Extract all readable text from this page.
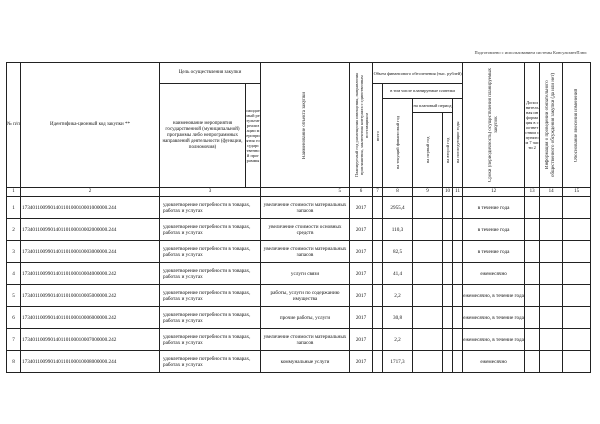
Подготовлено с использованием системы КонсультантПлюс
№ п/п	Идентифика-ционный код закупки **	Цель осуществления закупки		Наименование объекта закупки	Планируемый год размещения извещения, направления приглашения, заключения контракта с единственным поставщиком	Объем финансового обеспечения (тыс. рублей)					Сроки (периодичность) осуществления планируемых закупок	Дополнительная информация в соответствии с пунктом 7 части 2	Информация о проведении обязательного общественного обсуждения закупки (да или нет)	Обоснование внесения изменений

		наименование мероприятия государственной (муниципальной) программы либо непрограммных направлений деятельности (функции, полномочия)	ожидаемый результат реализации мероприятия государственной программы			всего	в том числе планируемые платежи							

							на текущий финансовый год	на плановый период		на последующие годы				

								на первый год	на второй год					

1	2	3		5	6	7	8	9	10	11	12	13	14	15
1	173401100990140110100010001000000.244	удовлетворение потребности в товарах, работах и услугах		увеличение стоимости материальных запасов	2017		2955,4				в течение года			
2	173401100990140110100010002000000.244	удовлетворение потребности в товарах, работах и услугах		увеличение стоимости основных средств	2017		110,3				в течение года			
3	173401100990140110100010003000000.244	удовлетворение потребности в товарах, работах и услугах		увеличение стоимости материальных запасов	2017		82,5				в течение года			
4	173401100990140110100010004000000.242	удовлетворение потребности в товарах, работах и услугах		услуги связи	2017		41,4				ежемесячно			
5	173401100990140110100010005000000.242	удовлетворение потребности в товарах, работах и услугах		работы, услуги по содержанию имущества	2017		2,2				ежемесячно, в течение года			
6	173401100990140110100010006000000.242	удовлетворение потребности в товарах, работах и услугах		прочие работы, услуги	2017		30,8				ежемесячно, в течение года			
7	173401100990140110100010007000000.242	удовлетворение потребности в товарах, работах и услугах		увеличение стоимости материальных запасов	2017		2,2				ежемесячно, в течение года			
8	173401100990140110100010008000000.244	удовлетворение потребности в товарах, работах и услугах		коммунальные услуги	2017		1717,3				ежемесячно			
